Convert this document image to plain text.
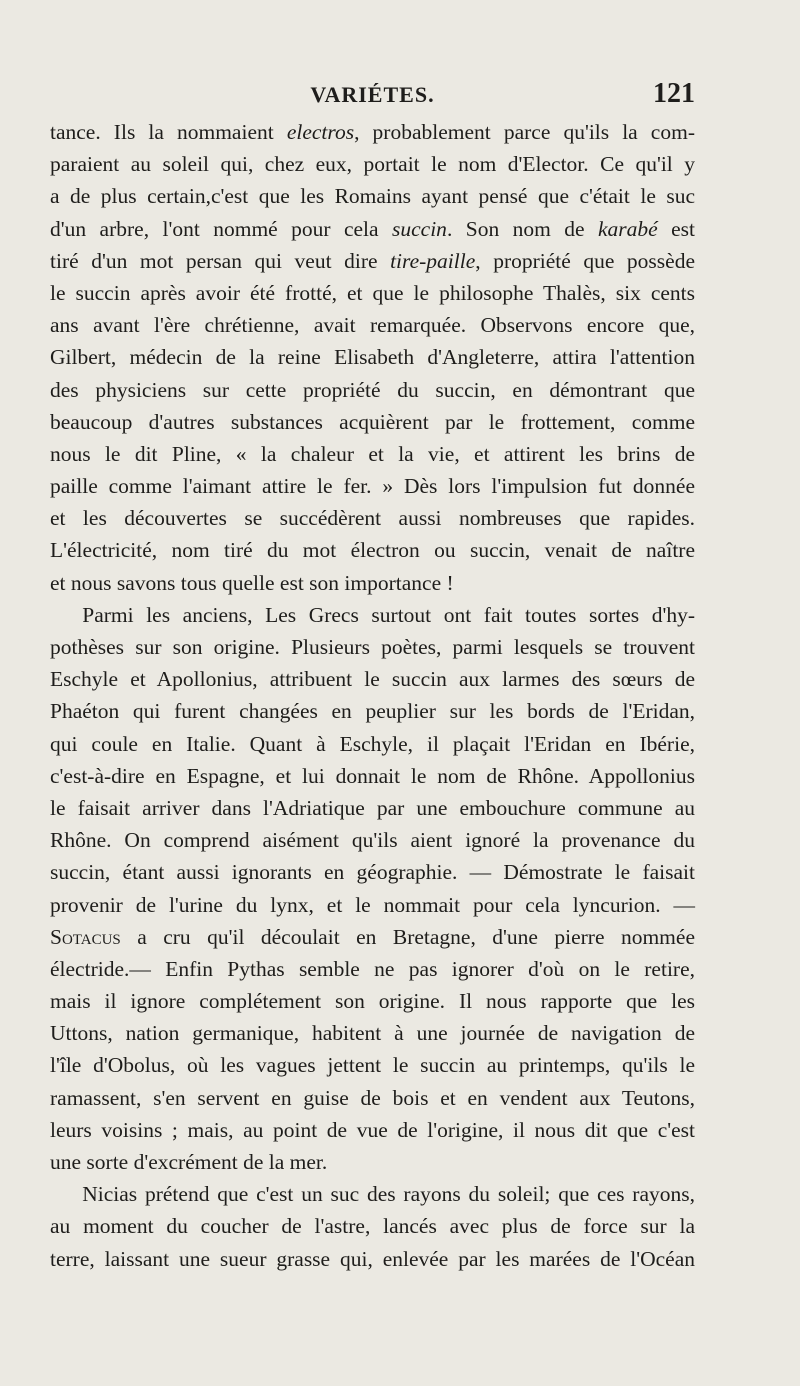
VARIÉTES.	121
tance. Ils la nommaient electros, probablement parce qu'ils la com-
paraient au soleil qui, chez eux, portait le nom d'Elector. Ce qu'il y
a de plus certain,c'est que les Romains ayant pensé que c'était le suc
d'un arbre, l'ont nommé pour cela succin. Son nom de karabé est
tiré d'un mot persan qui veut dire tire-paille, propriété que possède
le succin après avoir été frotté, et que le philosophe Thalès, six cents
ans avant l'ère chrétienne, avait remarquée. Observons encore que,
Gilbert, médecin de la reine Elisabeth d'Angleterre, attira l'attention
des physiciens sur cette propriété du succin, en démontrant que
beaucoup d'autres substances acquièrent par le frottement, comme
nous le dit Pline, « la chaleur et la vie, et attirent les brins de
paille comme l'aimant attire le fer. » Dès lors l'impulsion fut donnée
et les découvertes se succédèrent aussi nombreuses que rapides.
L'électricité, nom tiré du mot électron ou succin, venait de naître
et nous savons tous quelle est son importance !
  Parmi les anciens, Les Grecs surtout ont fait toutes sortes d'hy-
pothèses sur son origine. Plusieurs poètes, parmi lesquels se trouvent
Eschyle et Apollonius, attribuent le succin aux larmes des sœurs de
Phaéton qui furent changées en peuplier sur les bords de l'Eridan,
qui coule en Italie. Quant à Eschyle, il plaçait l'Eridan en Ibérie,
c'est-à-dire en Espagne, et lui donnait le nom de Rhône. Appollonius
le faisait arriver dans l'Adriatique par une embouchure commune au
Rhône. On comprend aisément qu'ils aient ignoré la provenance du
succin, étant aussi ignorants en géographie. — Démostrate le faisait
provenir de l'urine du lynx, et le nommait pour cela lyncurion. —
Sotacus a cru qu'il découlait en Bretagne, d'une pierre nommée
électride.— Enfin Pythas semble ne pas ignorer d'où on le retire,
mais il ignore complétement son origine. Il nous rapporte que les
Uttons, nation germanique, habitent à une journée de navigation de
l'île d'Obolus, où les vagues jettent le succin au printemps, qu'ils le
ramassent, s'en servent en guise de bois et en vendent aux Teutons,
leurs voisins ; mais, au point de vue de l'origine, il nous dit que c'est
une sorte d'excrément de la mer.
  Nicias prétend que c'est un suc des rayons du soleil; que ces rayons,
au moment du coucher de l'astre, lancés avec plus de force sur la
terre, laissant une sueur grasse qui, enlevée par les marées de l'Océan
